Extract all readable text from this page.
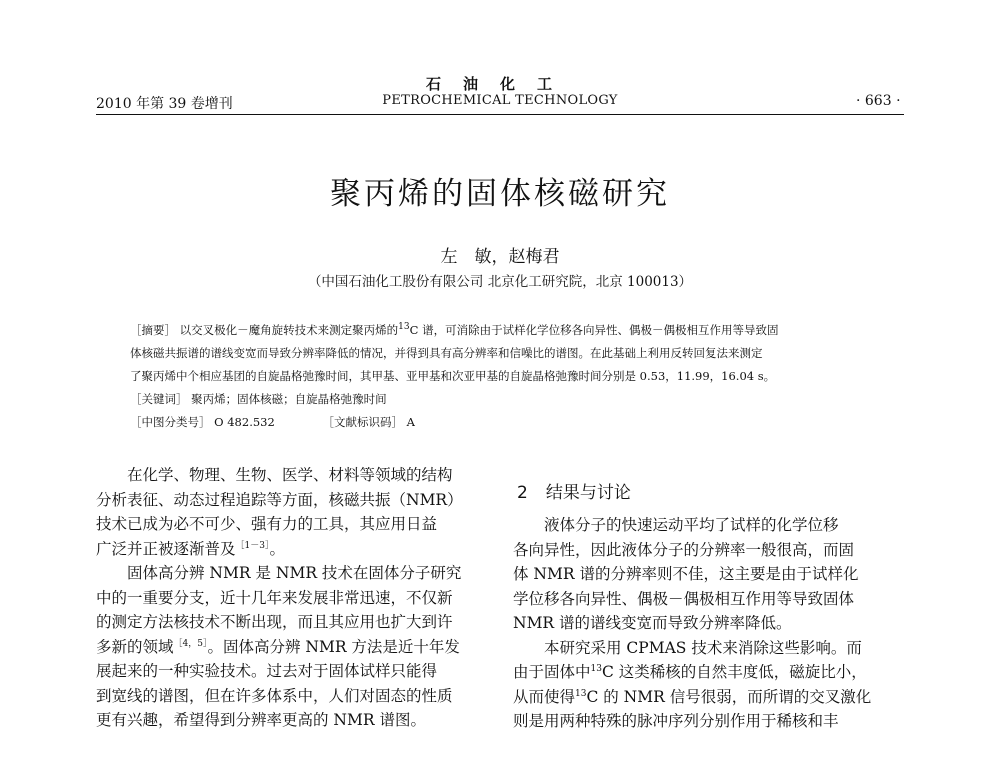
2010 年第 39 卷增刊
石油化工
PETROCHEMICAL TECHNOLOGY	· 663 ·
聚丙烯的固体核磁研究
左　敏，赵梅君
（中国石油化工股份有限公司 北京化工研究院，北京 100013）
［摘要］ 以交叉极化－魔角旋转技术来测定聚丙烯的$^{13}$C 谱，可消除由于试样化学位移各向异性、偶极－偶极相互作用等导致固
体核磁共振谱的谱线变宽而导致分辨率降低的情况，并得到具有高分辨率和信噪比的谱图。在此基础上利用反转回复法来测定
了聚丙烯中个相应基团的自旋晶格弛豫时间，其甲基、亚甲基和次亚甲基的自旋晶格弛豫时间分别是 0.53，11.99，16.04 s。
［关键词］ 聚丙烯；固体核磁；自旋晶格弛豫时间
［中图分类号］ O 482.532	［文献标识码］ A
在化学、物理、生物、医学、材料等领域的结构
分析表征、动态过程追踪等方面，核磁共振（NMR）
技术已成为必不可少、强有力的工具，其应用日益
广泛并正被逐渐普及$^{[1-3]}$。
固体高分辨 NMR 是 NMR 技术在固体分子研究
中的一重要分支，近十几年来发展非常迅速，不仅新
的测定方法核技术不断出现，而且其应用也扩大到许
多新的领域$^{[4,5]}$。固体高分辨 NMR 方法是近十年发
展起来的一种实验技术。过去对于固体试样只能得
到宽线的谱图，但在许多体系中，人们对固态的性质
更有兴趣，希望得到分辨率更高的 NMR 谱图。
2 结果与讨论
液体分子的快速运动平均了试样的化学位移
各向异性，因此液体分子的分辨率一般很高，而固
体 NMR 谱的分辨率则不佳，这主要是由于试样化
学位移各向异性、偶极－偶极相互作用等导致固体
NMR 谱的谱线变宽而导致分辨率降低。
本研究采用 CPMAS 技术来消除这些影响。而
由于固体中$^{13}$C 这类稀核的自然丰度低，磁旋比小，
从而使得$^{13}$C 的 NMR 信号很弱，而所谓的交叉激化
则是用两种特殊的脉冲序列分别作用于稀核和丰
